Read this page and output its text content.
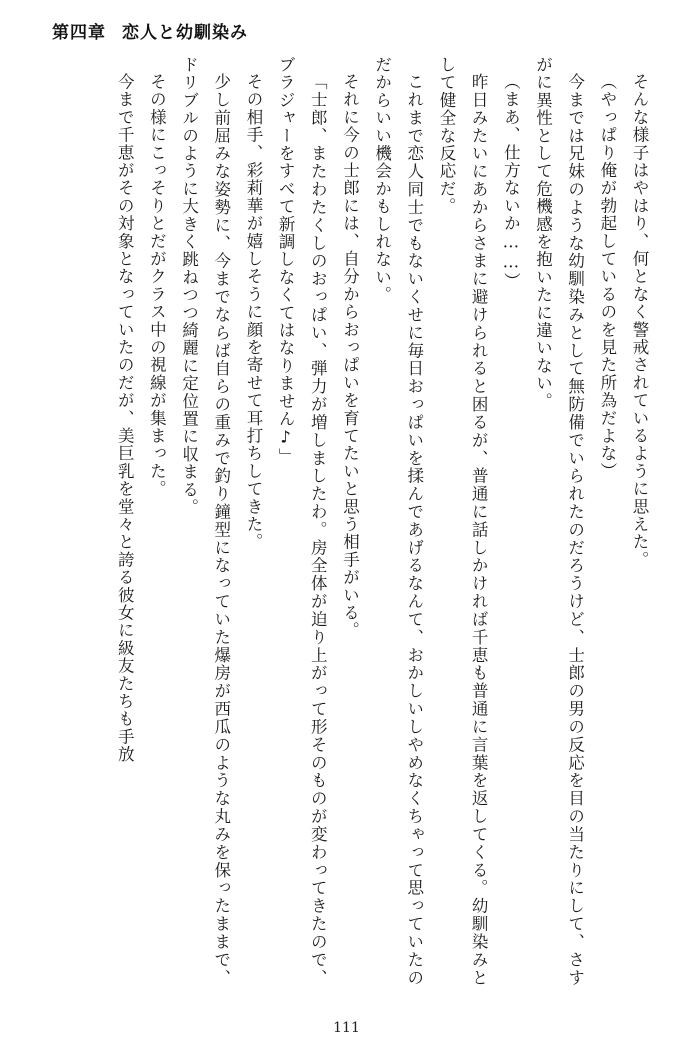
第四章 恋人と幼馴染み

そんな様子はやはり、何となく警戒されているように思えた。

（やっぱり俺が勃起しているのを見た所為だよな）

今までは兄妹のような幼馴染みとして無防備でいられたのだろうけど、士郎の男の反応を目の当たりにして、さすがに異性として危機感を抱いたに違いない。

（まあ、仕方ないか……）

昨日みたいにあからさまに避けられると困るが、普通に話しかければ千恵も普通に言葉を返してくる。幼馴染みとして健全な反応だ。

これまで恋人同士でもないくせに毎日おっぱいを揉んであげるなんて、おかしいしやめなくちゃって思っていたのだからいい機会かもしれない。

それに今の士郎には、自分からおっぱいを育てたいと思う相手がいる。

「士郎、またわたくしのおっぱい、弾力が増しましたわ。房全体が迫り上がって形そのものが変わってきたので、ブラジャーをすべて新調しなくてはなりません♪」

その相手、彩莉華が嬉しそうに顔を寄せて耳打ちしてきた。

少し前屈みな姿勢に、今までならば自らの重みで釣り鐘型になっていた爆房が西瓜のような丸みを保ったままで、ドリブルのように大きく跳ねつつ綺麗に定位置に収まる。

その様にこっそりとだがクラス中の視線が集まった。

今まで千恵がその対象となっていたのだが、美巨乳を堂々と誇る彼女に級友たちも手放

111
